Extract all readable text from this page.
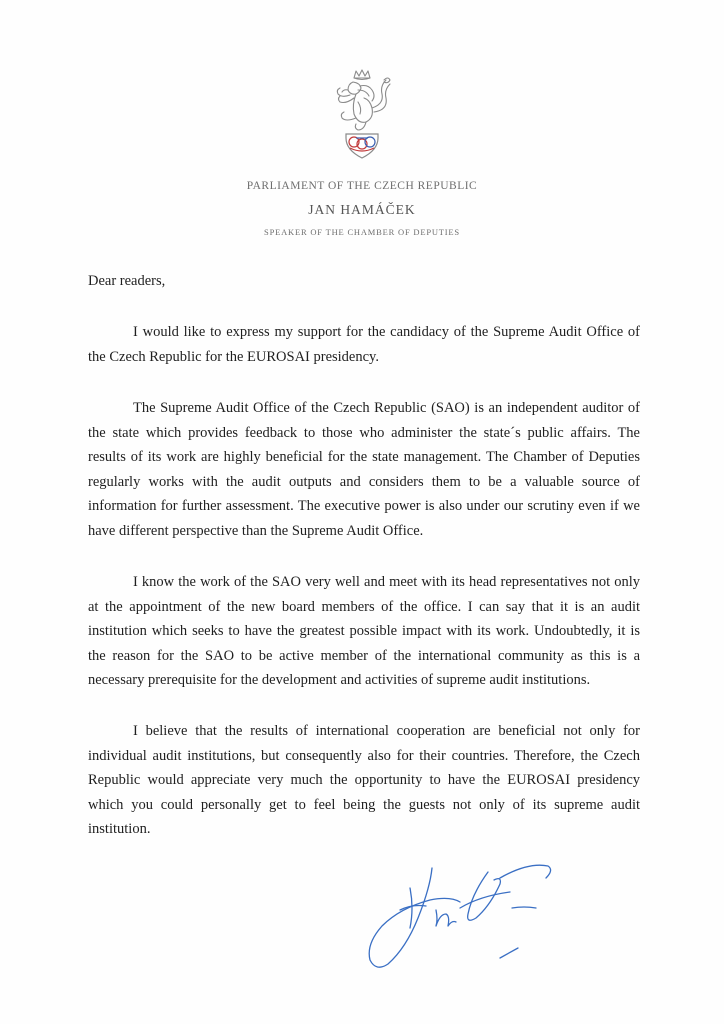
PARLIAMENT OF THE CZECH REPUBLIC
JAN HAMÁČEK
SPEAKER OF THE CHAMBER OF DEPUTIES
Dear readers,

I would like to express my support for the candidacy of the Supreme Audit Office of the Czech Republic for the EUROSAI presidency.

The Supreme Audit Office of the Czech Republic (SAO) is an independent auditor of the state which provides feedback to those who administer the state´s public affairs. The results of its work are highly beneficial for the state management. The Chamber of Deputies regularly works with the audit outputs and considers them to be a valuable source of information for further assessment. The executive power is also under our scrutiny even if we have different perspective than the Supreme Audit Office.

I know the work of the SAO very well and meet with its head representatives not only at the appointment of the new board members of the office. I can say that it is an audit institution which seeks to have the greatest possible impact with its work. Undoubtedly, it is the reason for the SAO to be active member of the international community as this is a necessary prerequisite for the development and activities of supreme audit institutions.

I believe that the results of international cooperation are beneficial not only for individual audit institutions, but consequently also for their countries. Therefore, the Czech Republic would appreciate very much the opportunity to have the EUROSAI presidency which you could personally get to feel being the guests not only of its supreme audit institution.
